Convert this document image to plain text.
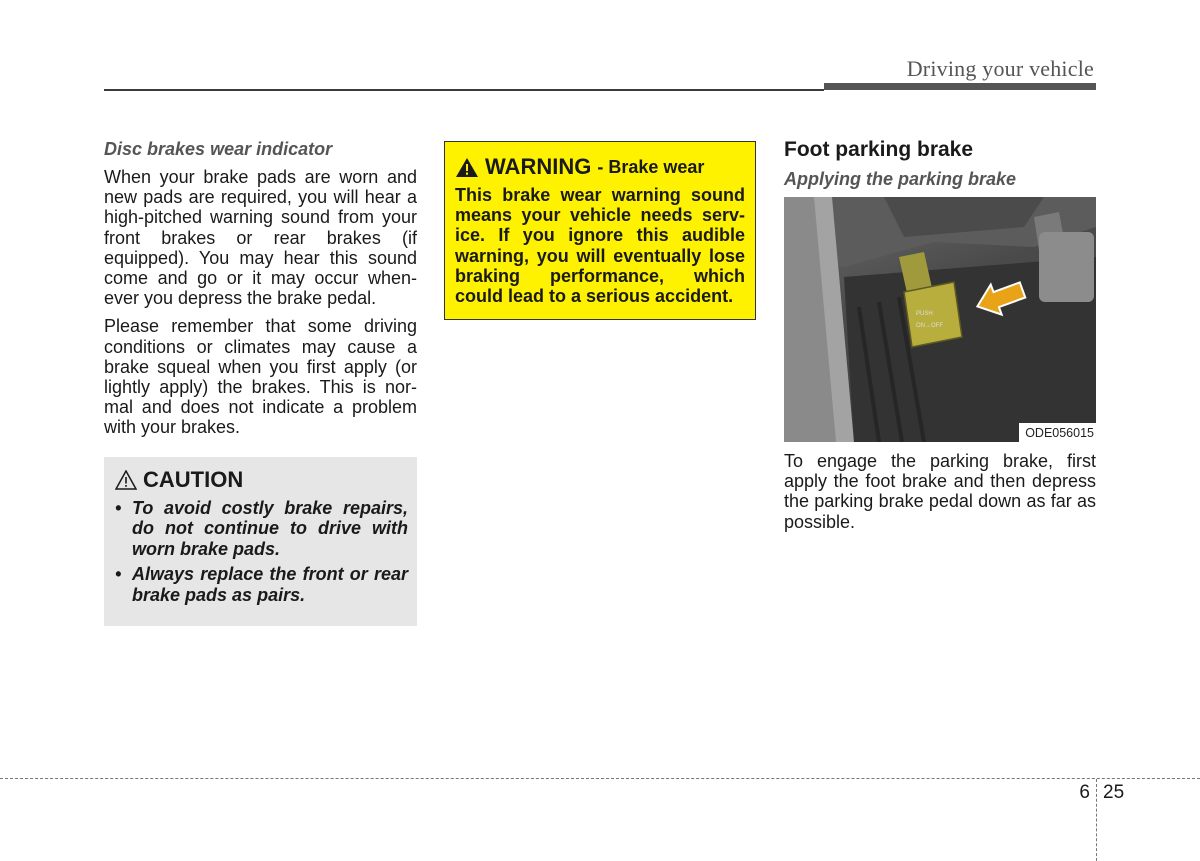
Driving your vehicle

Disc brakes wear indicator

When your brake pads are worn and new pads are required, you will hear a high-pitched warning sound from your front brakes or rear brakes (if equipped). You may hear this sound come and go or it may occur when-ever you depress the brake pedal.

Please remember that some driving conditions or climates may cause a brake squeal when you first apply (or lightly apply) the brakes. This is nor-mal and does not indicate a problem with your brakes.

CAUTION
• To avoid costly brake repairs, do not continue to drive with worn brake pads.
• Always replace the front or rear brake pads as pairs.
WARNING - Brake wear

This brake wear warning sound means your vehicle needs serv-ice. If you ignore this audible warning, you will eventually lose braking performance, which could lead to a serious accident.

Foot parking brake

Applying the parking brake

PUSH
ON→OFF
ODE056015

To engage the parking brake, first apply the foot brake and then depress the parking brake pedal down as far as possible.

6 25
